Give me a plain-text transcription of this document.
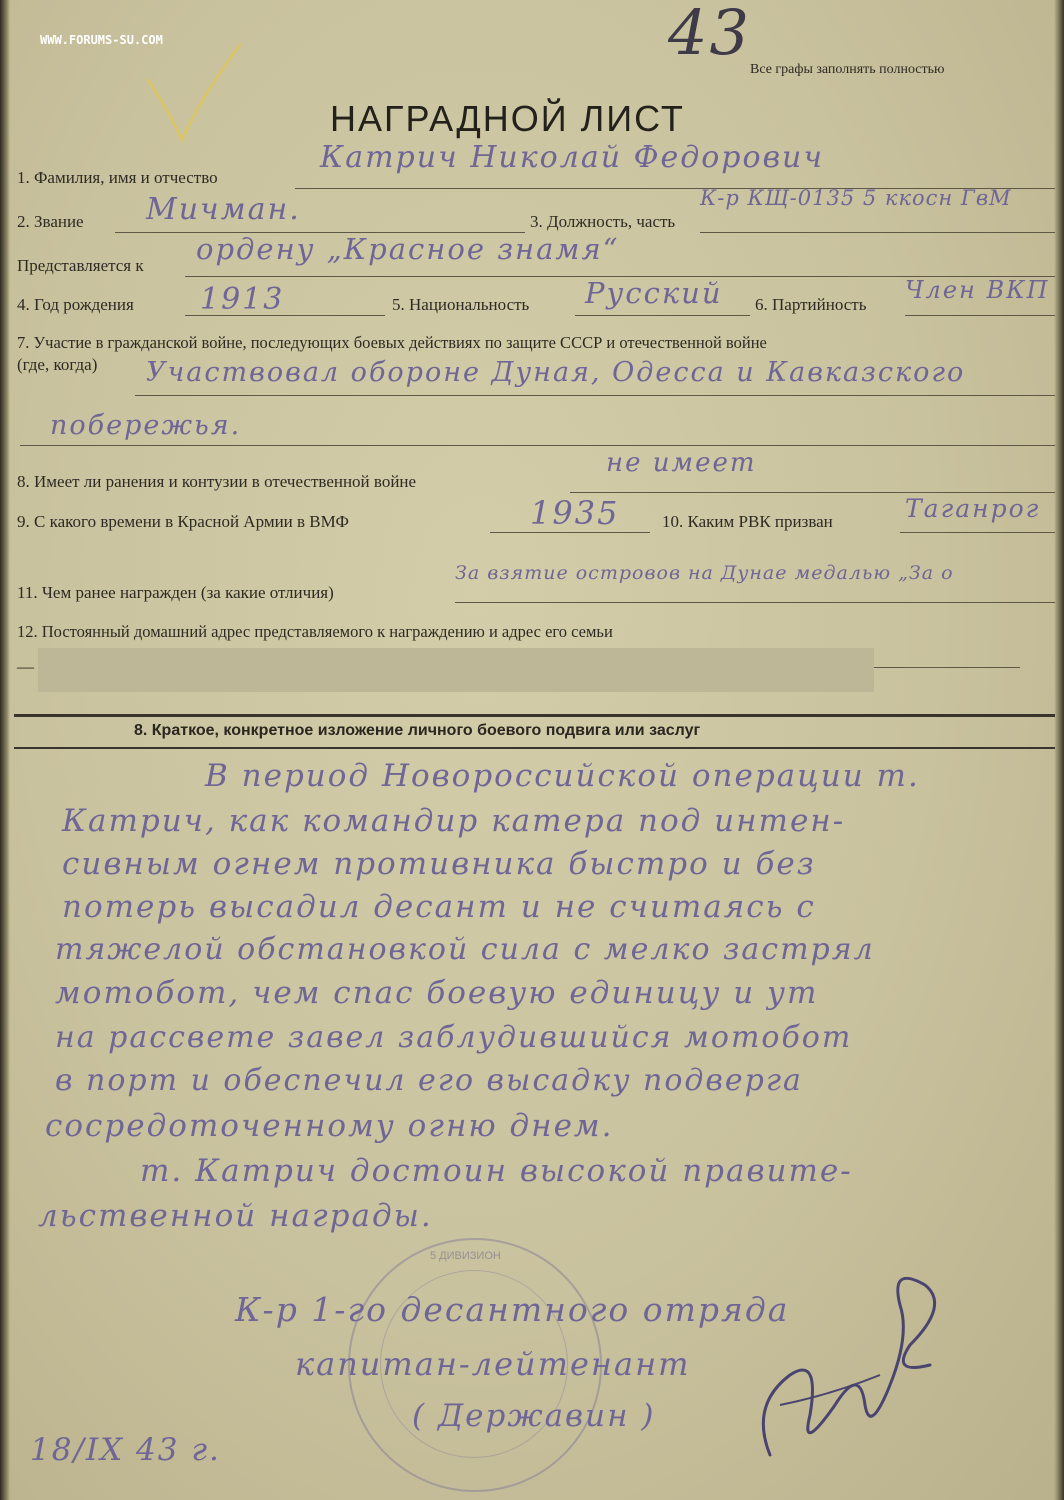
WWW.FORUMS-SU.COM	43
Все графы заполнять полностью
НАГРАДНОЙ ЛИСТ
1. Фамилия, имя и отчество
Катрич Николай Федорович
2. Звание Мичман.	3. Должность, часть
К-р КЩ-0135 5 ккосн ГвМ
Представляется к ордену „Красное знамя“
4. Год рождения 1913	5. Национальность Русский 6. Партийность
Член ВКП
7. Участие в гражданской войне, последующих боевых действиях по защите СССР и отечественной войне
(где, когда) Участвовал обороне Дуная, Одесса и Кавказского
побережья.
8. Имеет ли ранения и контузии в отечественной войне
не имеет
9. С какого времени в Красной Армии в ВМФ	1935	10. Каким РВК призван	Таганрог
11. Чем ранее награжден (за какие отличия)
За взятие островов на Дунае медалью „За о
12. Постоянный домашний адрес представляемого к награждению и адрес его семьи
—
8. Краткое, конкретное изложение личного боевого подвига или заслуг
В период Новороссийской операции т.
Катрич, как командир катера под интен-
сивным огнем противника быстро и без
потерь высадил десант и не считаясь с
тяжелой обстановкой сила с мелко застрял
мотобот, чем спас боевую единицу и ут
на рассвете завел заблудившийся мотобот
в порт и обеспечил его высадку подверга
сосредоточенному огню днем.
т. Катрич достоин высокой правите-
льственной награды.
5 ДИВИЗИОН
К-р 1-го десантного отряда
капитан-лейтенант
( Державин )
18/IX 43 г.
